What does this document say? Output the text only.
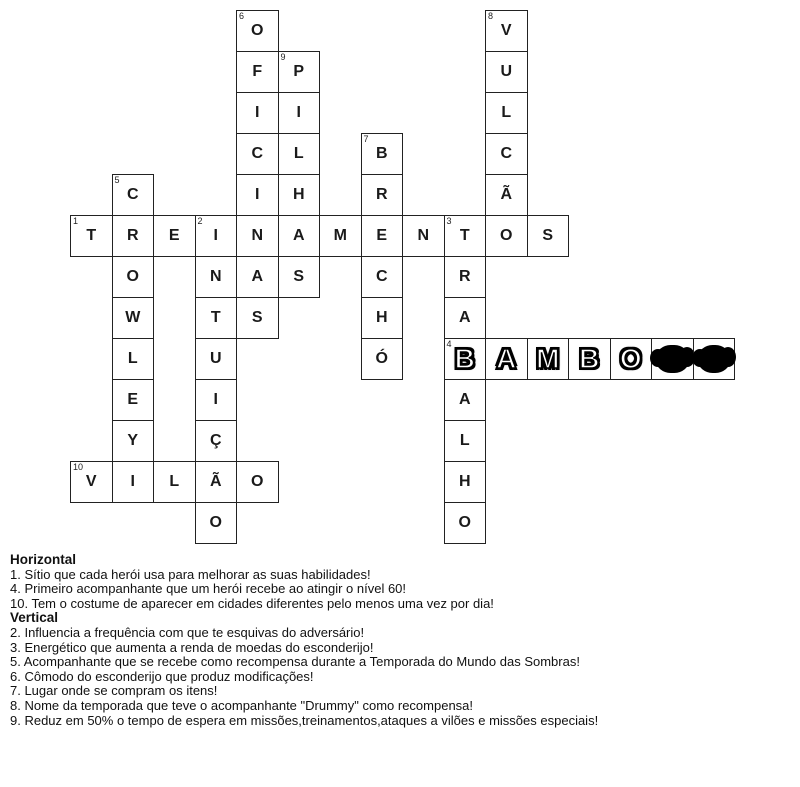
1
T	R	E
2
I	N	A	M	E	N
3
T	O	S
N
T
U
I
Ç
Ã
O
R
A
4 B
A
L
H
O
A M B O
5
C
O
W
L
E
Y
6
O
F
I
C
I
A
S
7
B
R
C
H
Ó
8
V
U
L
C
Ã
9
P
I
L
H
S
10
V	I	L	O
Horizontal
1. Sítio que cada herói usa para melhorar as suas habilidades!
4. Primeiro acompanhante que um herói recebe ao atingir o nível 60!
10. Tem o costume de aparecer em cidades diferentes pelo menos uma vez por dia!
Vertical
2. Influencia a frequência com que te esquivas do adversário!
3. Energético que aumenta a renda de moedas do esconderijo!
5. Acompanhante que se recebe como recompensa durante a Temporada do Mundo das Sombras!
6. Cômodo do esconderijo que produz modificações!
7. Lugar onde se compram os itens!
8. Nome da temporada que teve o acompanhante "Drummy" como recompensa!
9. Reduz em 50% o tempo de espera em missões,treinamentos,ataques a vilões e missões especiais!
